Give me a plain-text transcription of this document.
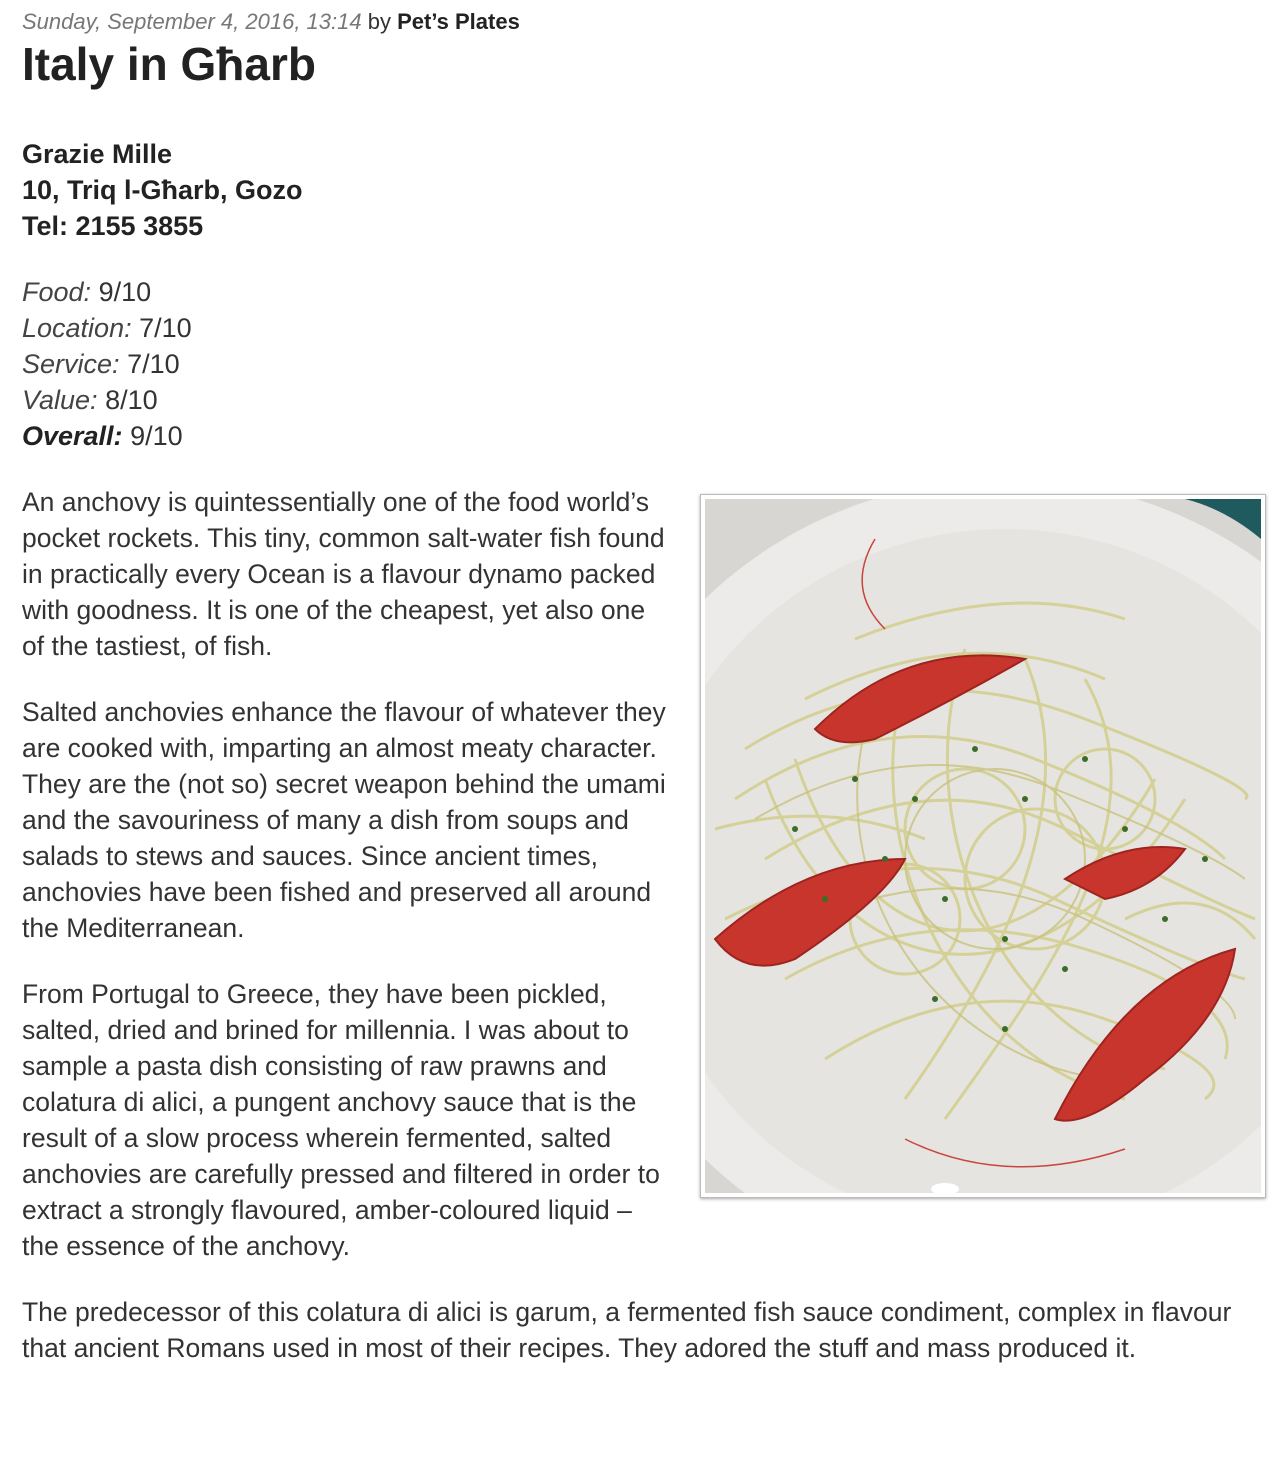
Sunday, September 4, 2016, 13:14 by Pet’s Plates
Italy in Għarb
Grazie Mille
10, Triq l-Għarb, Gozo
Tel: 2155 3855
Food: 9/10
Location: 7/10
Service: 7/10
Value: 8/10
Overall: 9/10

An anchovy is quintessentially one of the food world’s pocket rockets. This tiny, common salt-water fish found in practically every Ocean is a flavour dynamo packed with goodness. It is one of the cheapest, yet also one of the tastiest, of fish.

Salted anchovies enhance the flavour of whatever they are cooked with, imparting an almost meaty character. They are the (not so) secret weapon behind the umami and the savouriness of many a dish from soups and salads to stews and sauces. Since ancient times, anchovies have been fished and preserved all around the Mediterranean.

From Portugal to Greece, they have been pickled, salted, dried and brined for millennia. I was about to sample a pasta dish consisting of raw prawns and colatura di alici, a pungent anchovy sauce that is the result of a slow process wherein fermented, salted anchovies are carefully pressed and filtered in order to extract a strongly flavoured, amber-coloured liquid – the essence of the anchovy.

The predecessor of this colatura di alici is garum, a fermented fish sauce condiment, complex in flavour that ancient Romans used in most of their recipes. They adored the stuff and mass produced it.
